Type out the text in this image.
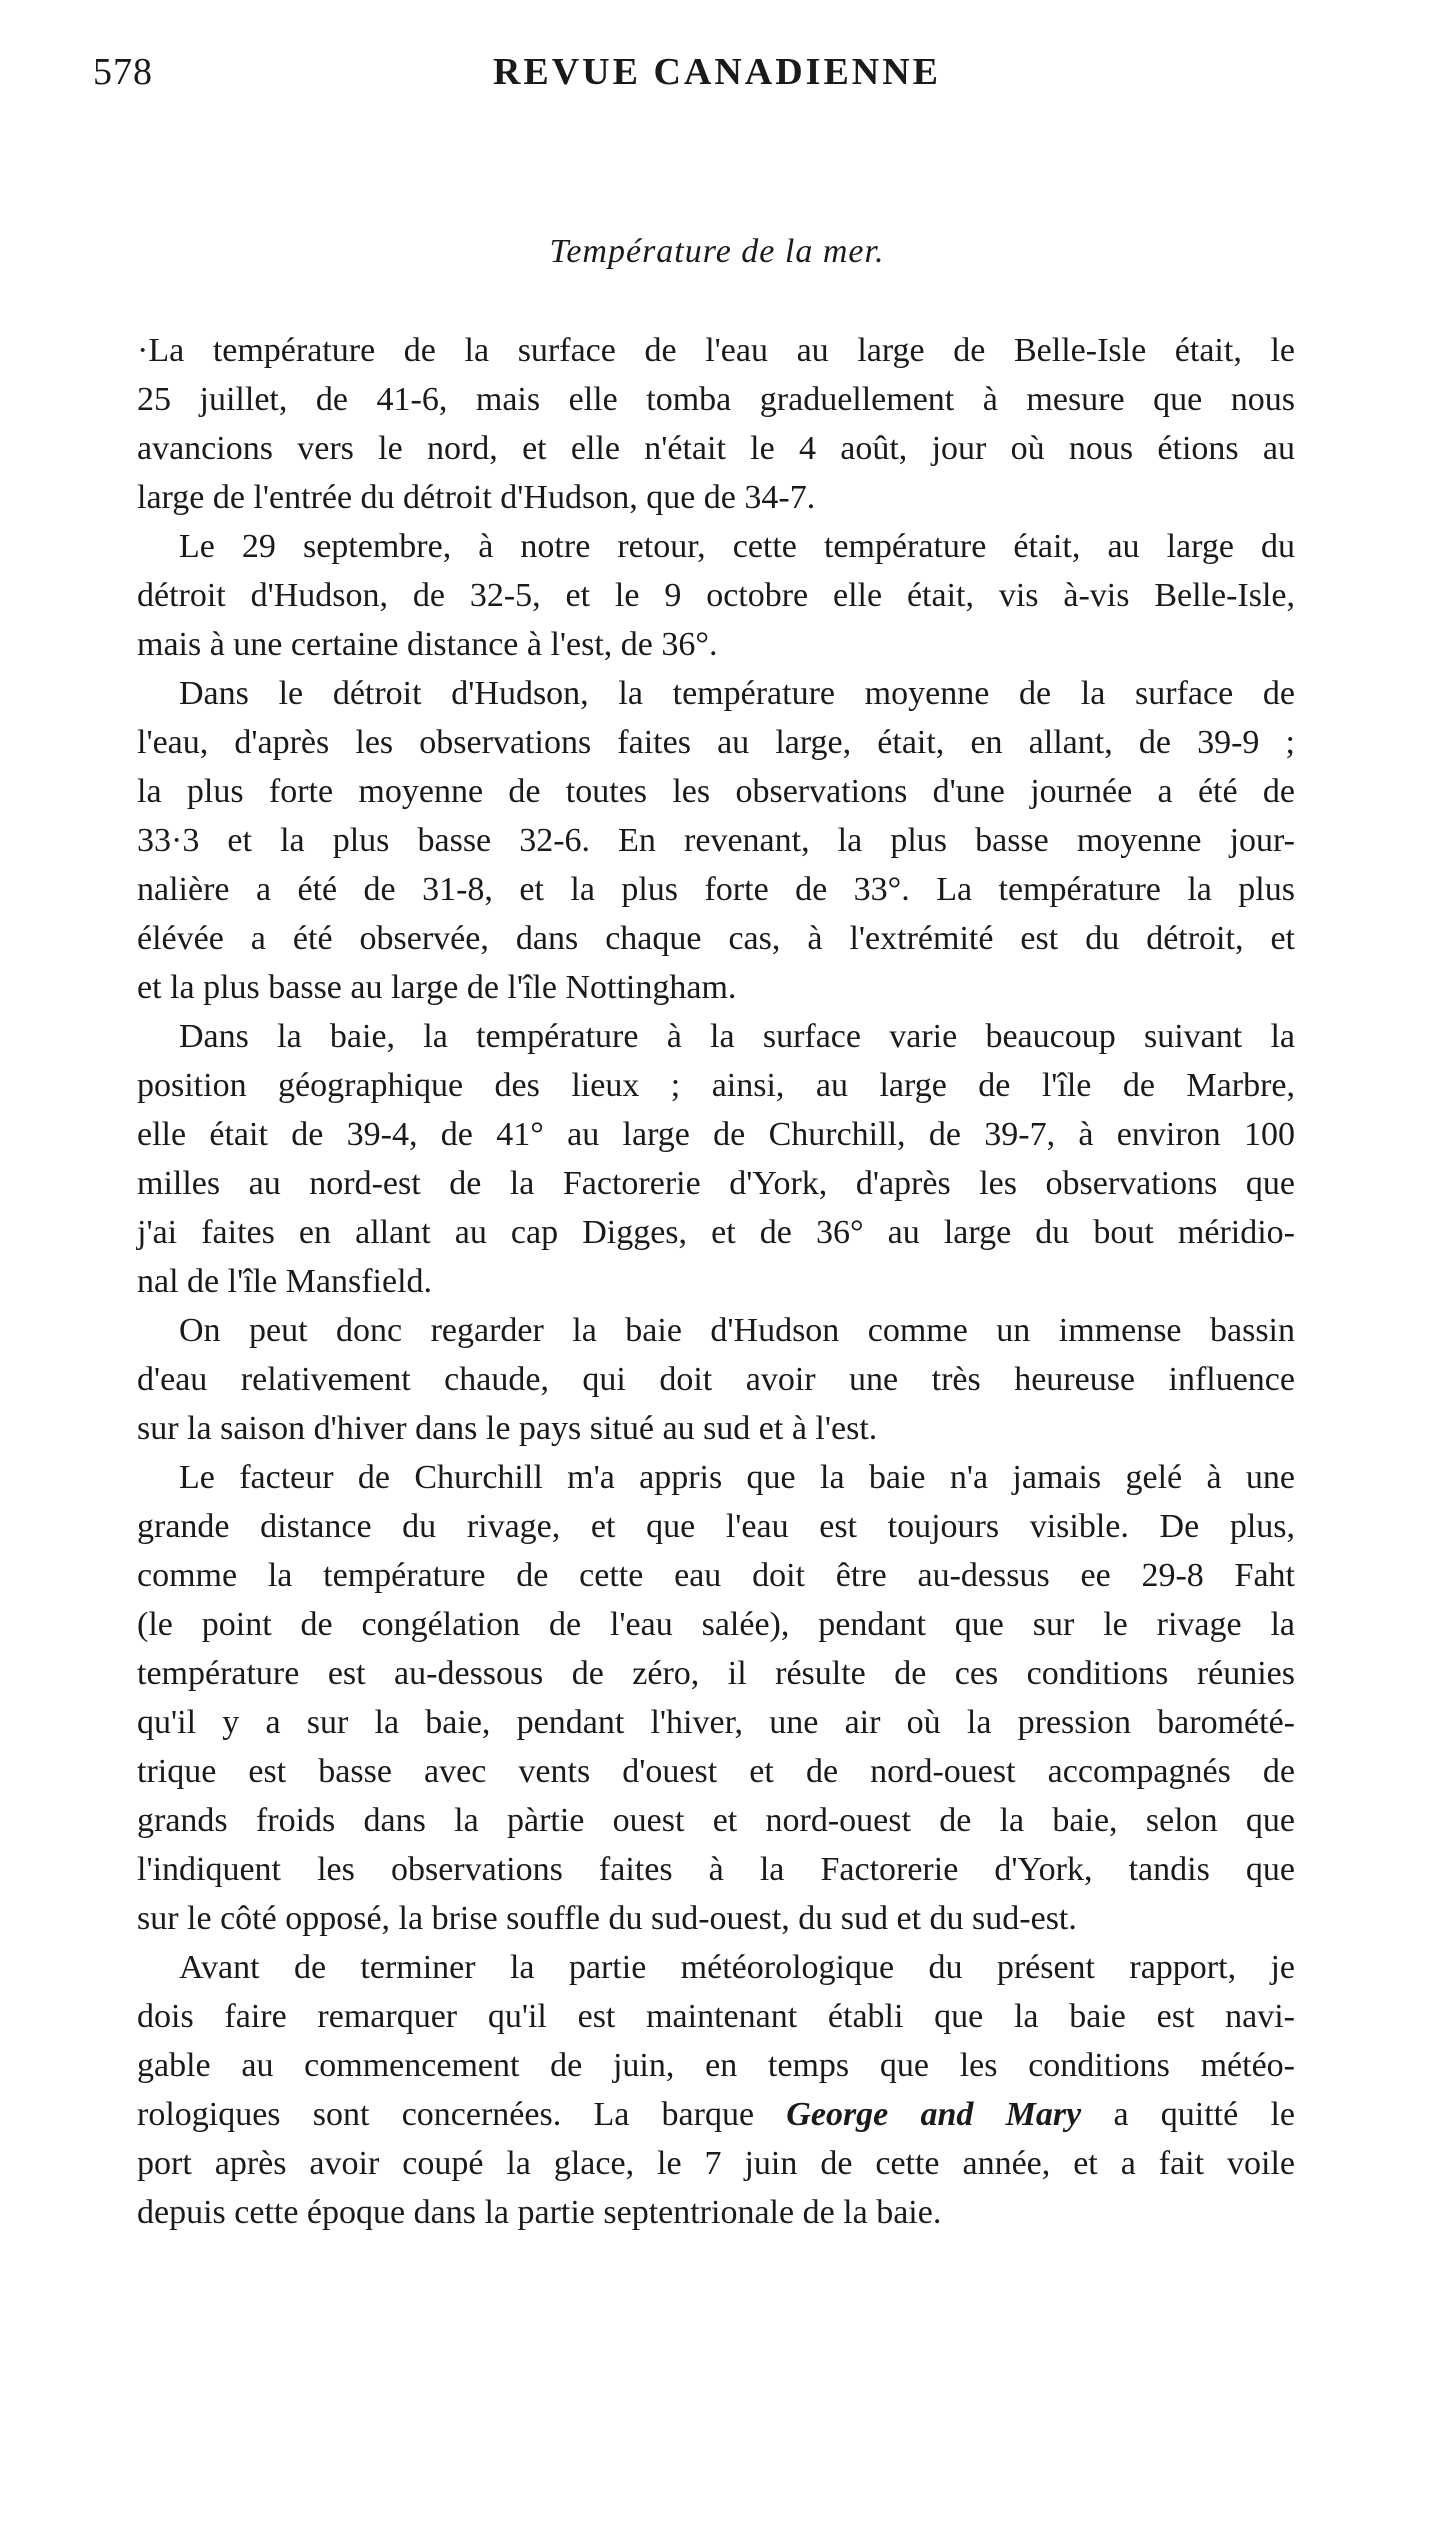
578	REVUE CANADIENNE
Température de la mer.
·La température de la surface de l'eau au large de Belle-Isle était, le
25 juillet, de 41-6, mais elle tomba graduellement à mesure que nous
avancions vers le nord, et elle n'était le 4 août, jour où nous étions au
large de l'entrée du détroit d'Hudson, que de 34-7.
Le 29 septembre, à notre retour, cette température était, au large du
détroit d'Hudson, de 32-5, et le 9 octobre elle était, vis à-vis Belle-Isle,
mais à une certaine distance à l'est, de 36°.
Dans le détroit d'Hudson, la température moyenne de la surface de
l'eau, d'après les observations faites au large, était, en allant, de 39-9 ;
la plus forte moyenne de toutes les observations d'une journée a été de
33·3 et la plus basse 32-6. En revenant, la plus basse moyenne jour-
nalière a été de 31-8, et la plus forte de 33°. La température la plus
élévée a été observée, dans chaque cas, à l'extrémité est du détroit, et
et la plus basse au large de l'île Nottingham.
Dans la baie, la température à la surface varie beaucoup suivant la
position géographique des lieux ; ainsi, au large de l'île de Marbre,
elle était de 39-4, de 41° au large de Churchill, de 39-7, à environ 100
milles au nord-est de la Factorerie d'York, d'après les observations que
j'ai faites en allant au cap Digges, et de 36° au large du bout méridio-
nal de l'île Mansfield.
On peut donc regarder la baie d'Hudson comme un immense bassin
d'eau relativement chaude, qui doit avoir une très heureuse influence
sur la saison d'hiver dans le pays situé au sud et à l'est.
Le facteur de Churchill m'a appris que la baie n'a jamais gelé à une
grande distance du rivage, et que l'eau est toujours visible. De plus,
comme la température de cette eau doit être au-dessus ee 29-8 Faht
(le point de congélation de l'eau salée), pendant que sur le rivage la
température est au-dessous de zéro, il résulte de ces conditions réunies
qu'il y a sur la baie, pendant l'hiver, une air où la pression baromété-
trique est basse avec vents d'ouest et de nord-ouest accompagnés de
grands froids dans la pàrtie ouest et nord-ouest de la baie, selon que
l'indiquent les observations faites à la Factorerie d'York, tandis que
sur le côté opposé, la brise souffle du sud-ouest, du sud et du sud-est.
Avant de terminer la partie météorologique du présent rapport, je
dois faire remarquer qu'il est maintenant établi que la baie est navi-
gable au commencement de juin, en temps que les conditions météo-
rologiques sont concernées. La barque George and Mary a quitté le
port après avoir coupé la glace, le 7 juin de cette année, et a fait voile
depuis cette époque dans la partie septentrionale de la baie.
